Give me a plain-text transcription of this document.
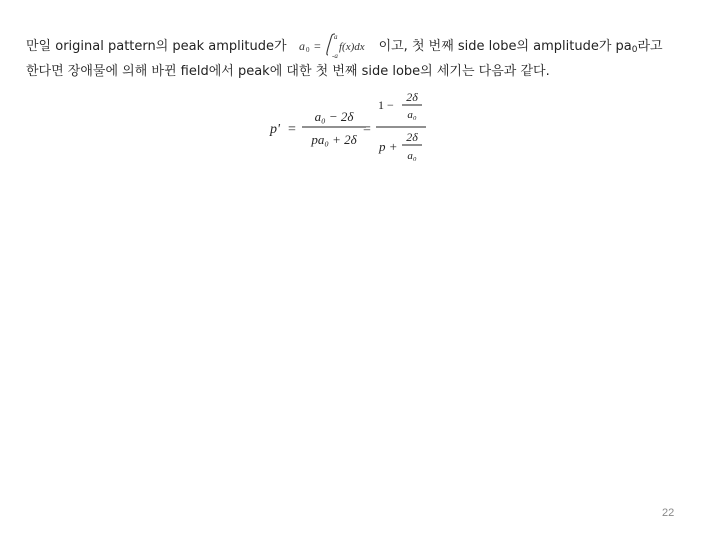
만일 original pattern의 peak amplitude가 a 0 =
a
-a
f(x)dx 이고, 첫 번째 side lobe의 amplitude가 $pa_0$라고
한다면 장애물에 의해 바뀐 field에서 peak에 대한 첫 번째 side lobe의 세기는 다음과 같다.
p' =
a₀ − 2δ
pa₀ + 2δ
=
1 −
2δ
a₀
p +
2δ
a₀
22
